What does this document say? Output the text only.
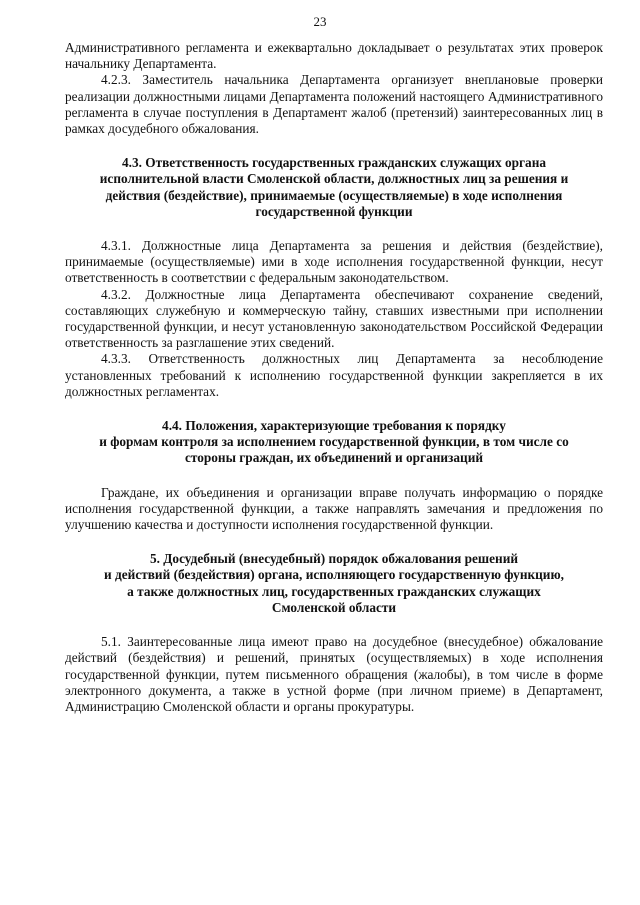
23

Административного регламента и ежеквартально докладывает о результатах этих проверок начальнику Департамента.

4.2.3. Заместитель начальника Департамента организует внеплановые проверки реализации должностными лицами Департамента положений настоящего Административного регламента в случае поступления в Департамент жалоб (претензий) заинтересованных лиц в рамках досудебного обжалования.

4.3. Ответственность государственных гражданских служащих органа
исполнительной власти Смоленской области, должностных лиц за решения и
действия (бездействие), принимаемые (осуществляемые) в ходе исполнения
государственной функции

4.3.1. Должностные лица Департамента за решения и действия (бездействие), принимаемые (осуществляемые) ими в ходе исполнения государственной функции, несут ответственность в соответствии с федеральным законодательством.

4.3.2. Должностные лица Департамента обеспечивают сохранение сведений, составляющих служебную и коммерческую тайну, ставших известными при исполнении государственной функции, и несут установленную законодательством Российской Федерации ответственность за разглашение этих сведений.

4.3.3. Ответственность должностных лиц Департамента за несоблюдение установленных требований к исполнению государственной функции закрепляется в их должностных регламентах.

4.4. Положения, характеризующие требования к порядку
и формам контроля за исполнением государственной функции, в том числе со
стороны граждан, их объединений и организаций

Граждане, их объединения и организации вправе получать информацию о порядке исполнения государственной функции, а также направлять замечания и предложения по улучшению качества и доступности исполнения государственной функции.

5. Досудебный (внесудебный) порядок обжалования решений
и действий (бездействия) органа, исполняющего государственную функцию,
а также должностных лиц, государственных гражданских служащих
Смоленской области

5.1. Заинтересованные лица имеют право на досудебное (внесудебное) обжалование действий (бездействия) и решений, принятых (осуществляемых) в ходе исполнения государственной функции, путем письменного обращения (жалобы), в том числе в форме электронного документа, а также в устной форме (при личном приеме) в Департамент, Администрацию Смоленской области и органы прокуратуры.
